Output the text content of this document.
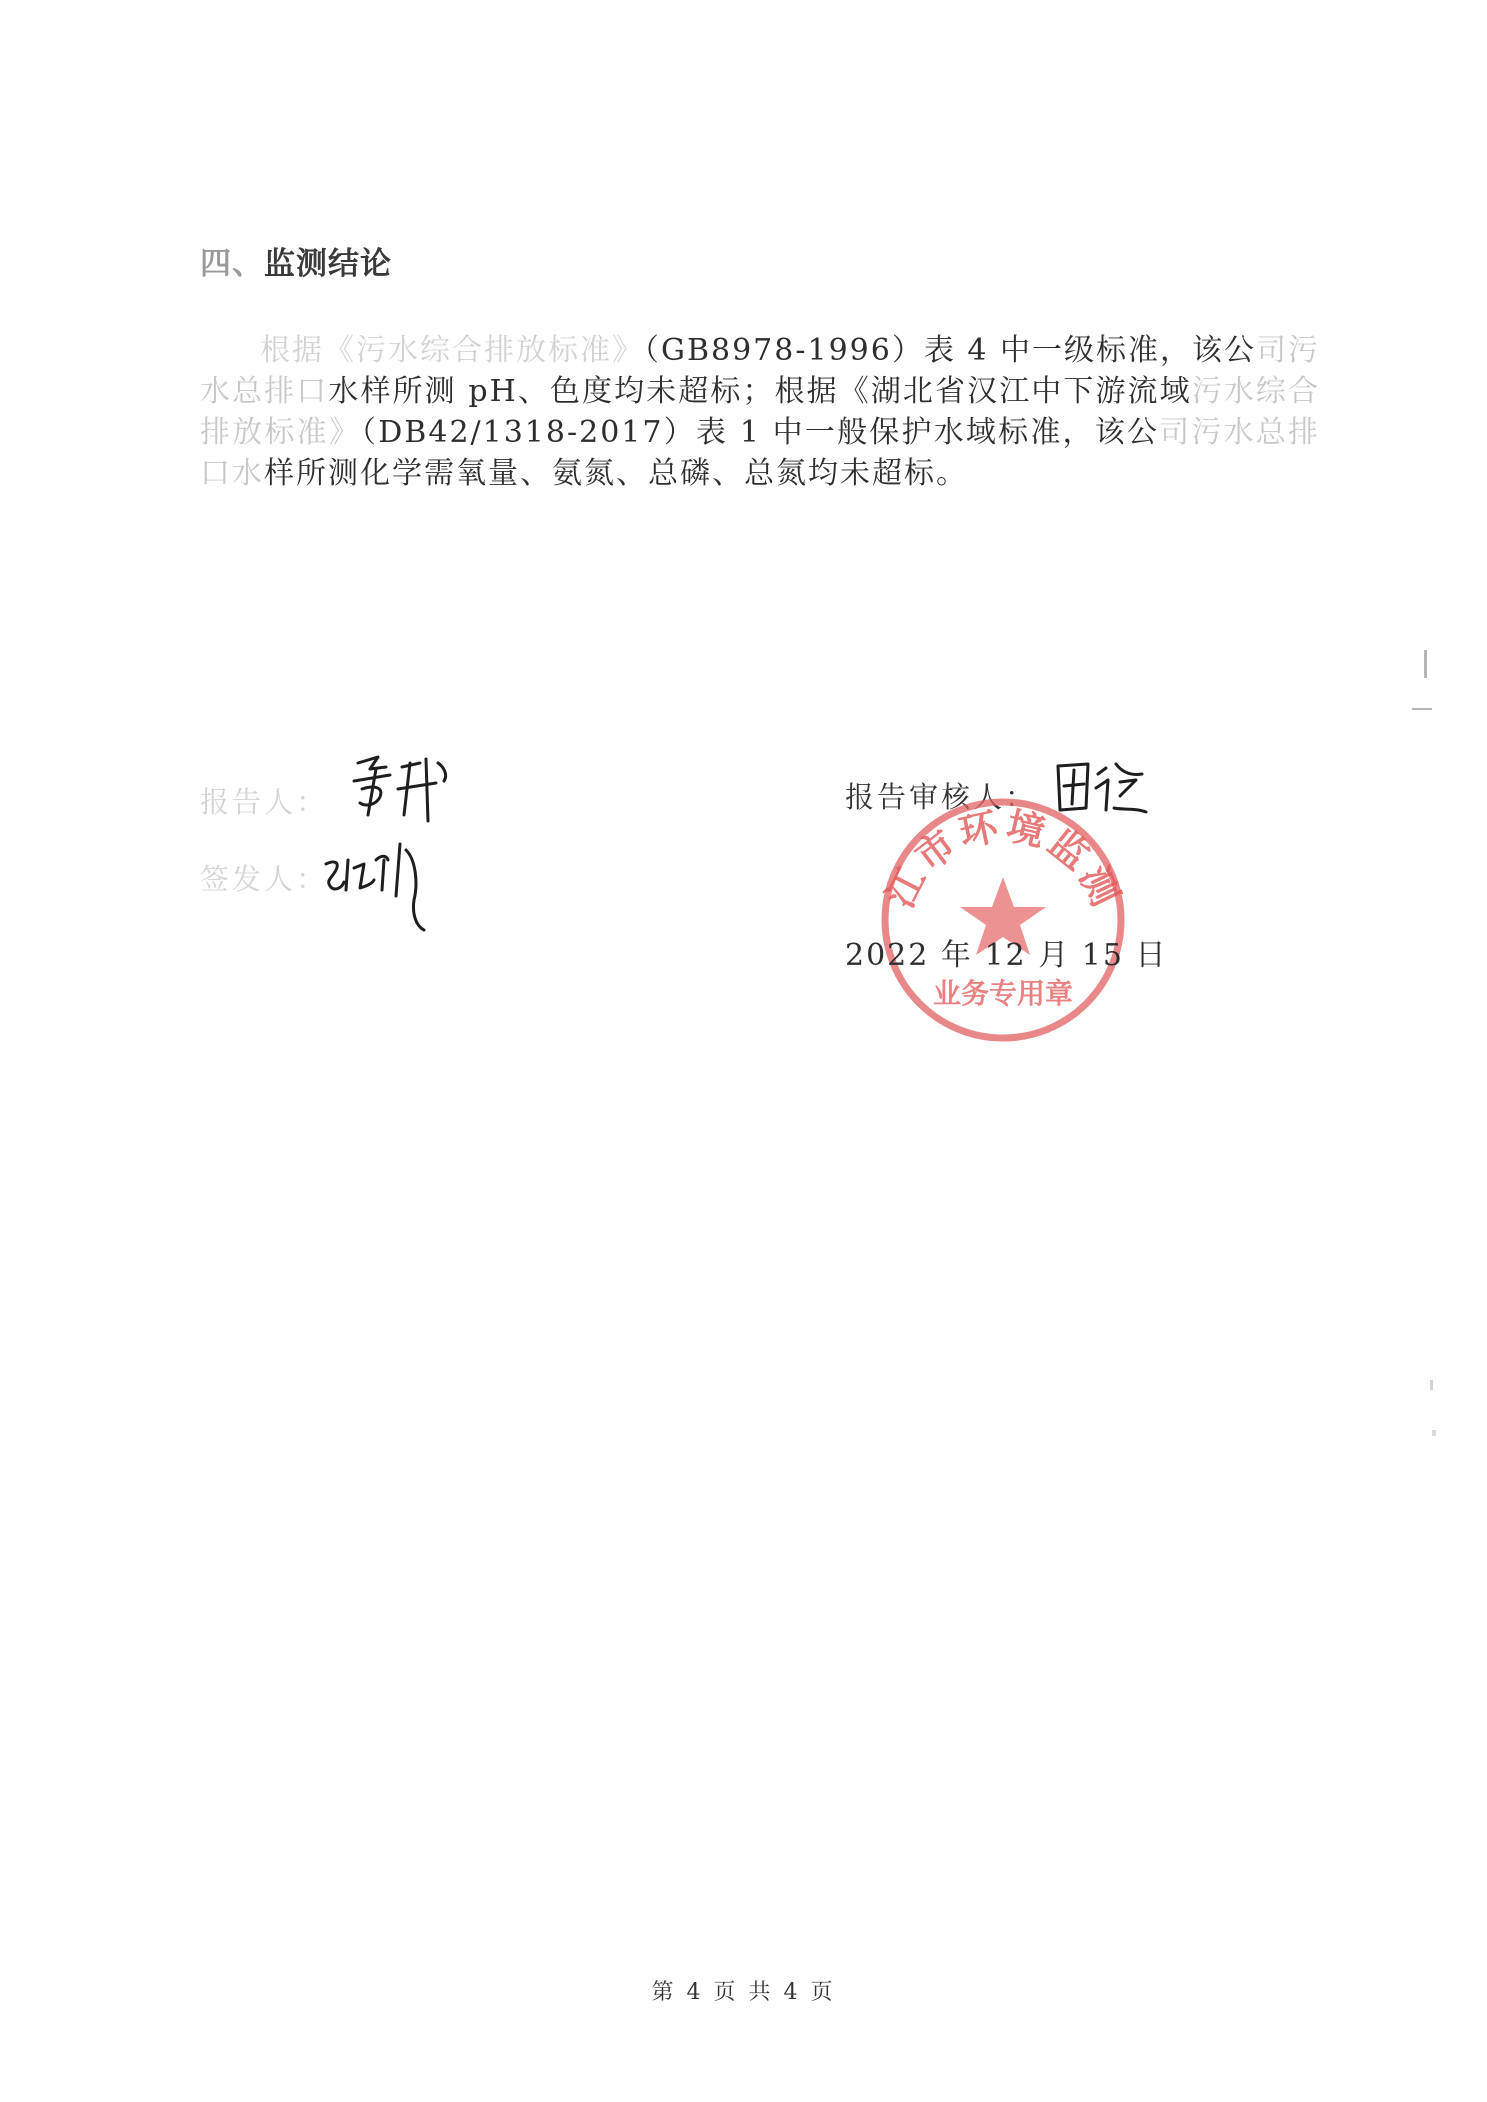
四、监测结论

根据《污水综合排放标准》（GB8978-1996）表 4 中一级标准，该公司污水总排口水样所测 pH、色度均未超标；根据《湖北省汉江中下游流域污水综合排放标准》（DB42/1318-2017）表 1 中一般保护水域标准，该公司污水总排口水样所测化学需氧量、氨氮、总磷、总氮均未超标。

报告人：
签发人：
报告审核人：
江市环境监测
业务专用章

2022 年 12 月 15 日

第 4 页 共 4 页
